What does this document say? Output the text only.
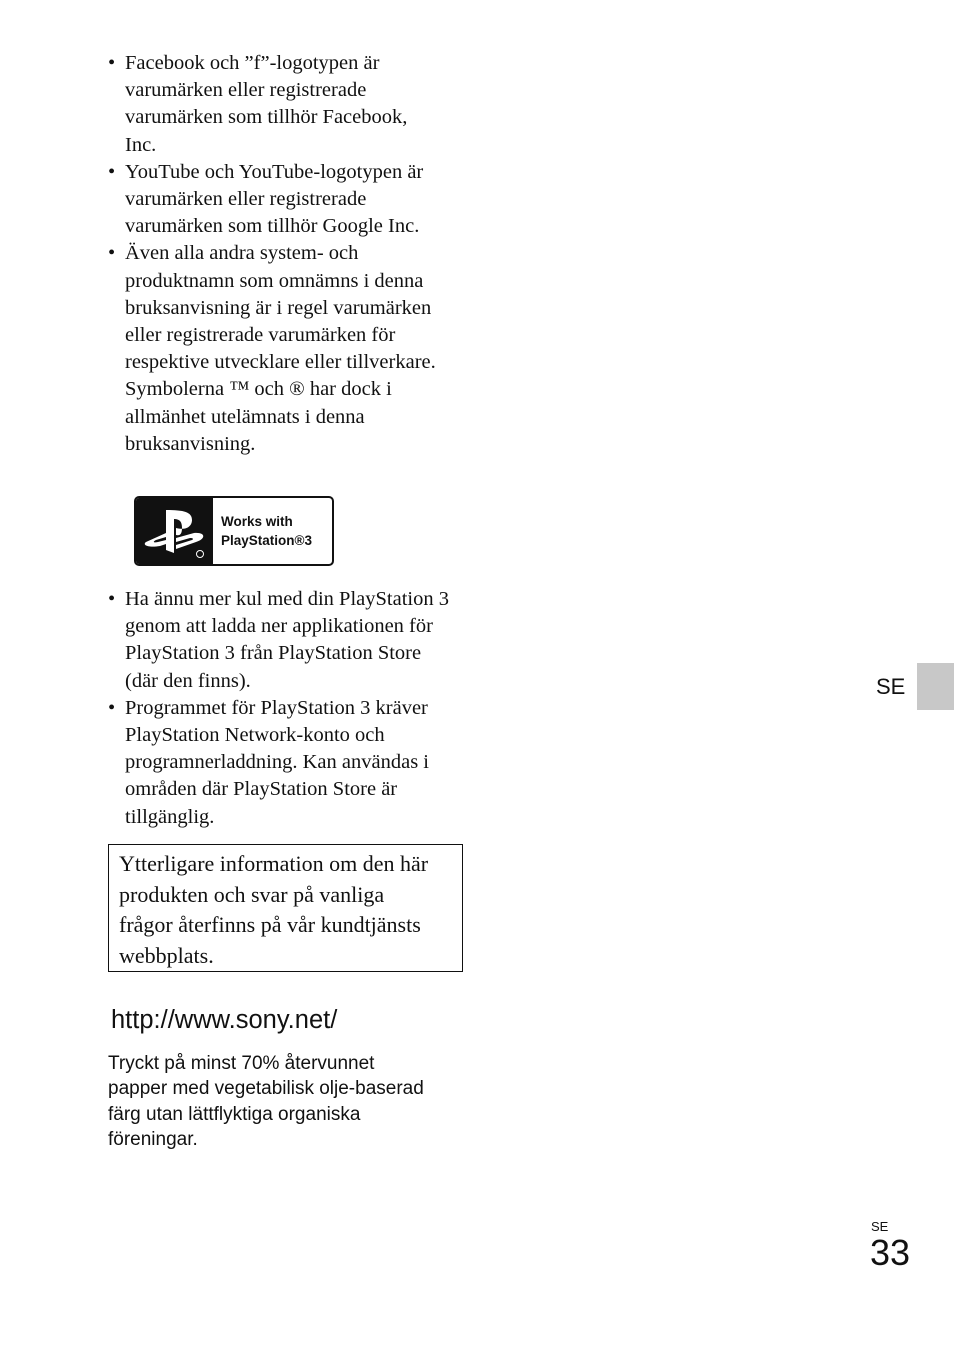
• Facebook och ”f”-logotypen är
varumärken eller registrerade
varumärken som tillhör Facebook,
Inc.
• YouTube och YouTube-logotypen är
varumärken eller registrerade
varumärken som tillhör Google Inc.
• Även alla andra system- och
produktnamn som omnämns i denna
bruksanvisning är i regel varumärken
eller registrerade varumärken för
respektive utvecklare eller tillverkare.
Symbolerna ™ och ® har dock i
allmänhet utelämnats i denna
bruksanvisning.
Works with
PlayStation®3
• Ha ännu mer kul med din PlayStation 3
genom att ladda ner applikationen för
PlayStation 3 från PlayStation Store
(där den finns).
• Programmet för PlayStation 3 kräver
PlayStation Network-konto och
programnerladdning. Kan användas i
områden där PlayStation Store är
tillgänglig.
Ytterligare information om den här
produkten och svar på vanliga
frågor återfinns på vår kundtjänsts
webbplats.
http://www.sony.net/
Tryckt på minst 70% återvunnet
papper med vegetabilisk olje-baserad
färg utan lättflyktiga organiska
föreningar.
SE
SE
33
